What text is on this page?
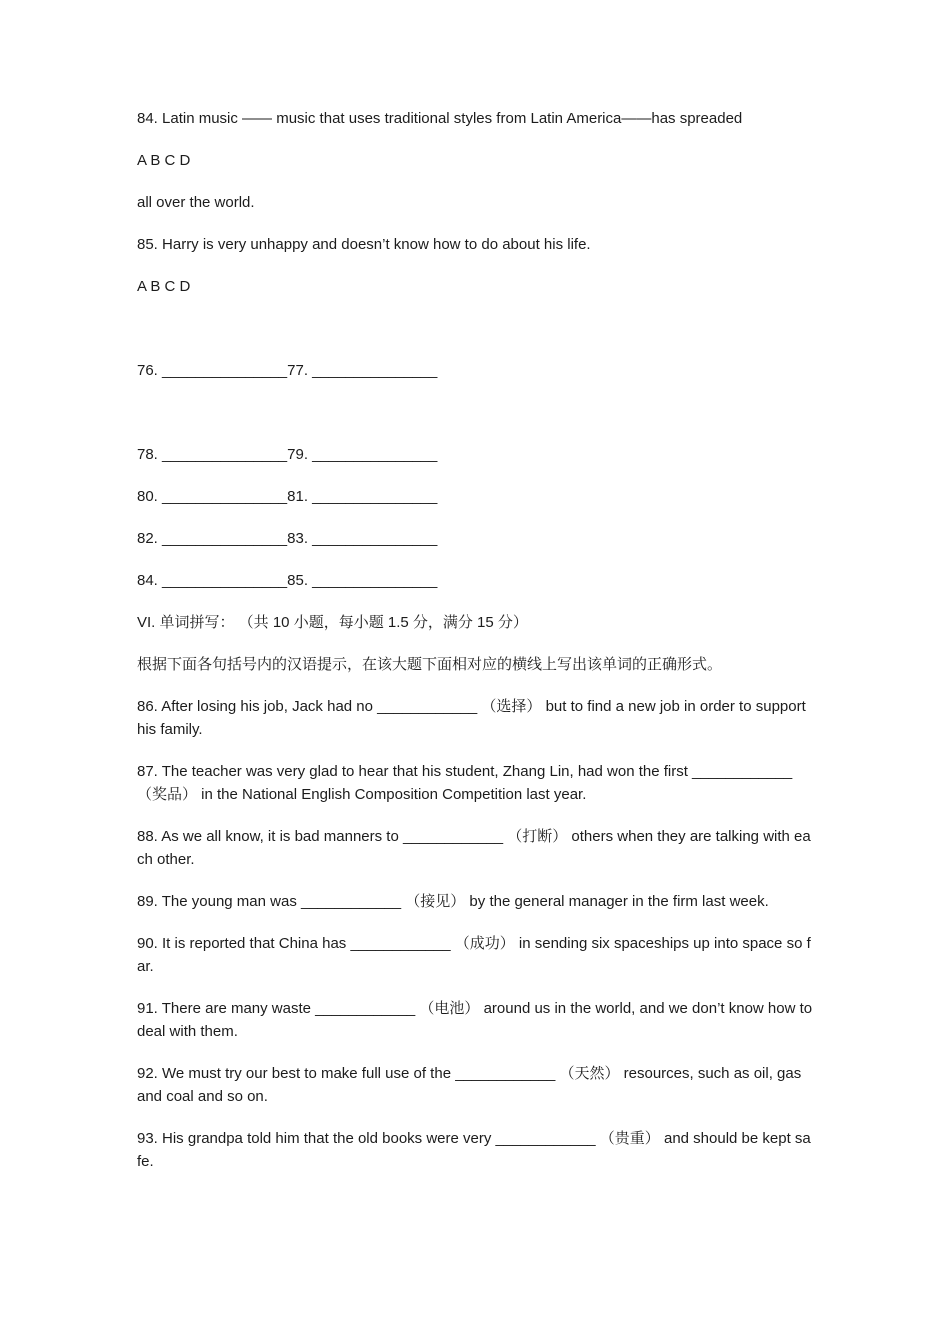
84. Latin music —— music that uses traditional styles from Latin America——has spreaded
A B C D
all over the world.
85. Harry is very unhappy and doesn’t know how to do about his life.
A B C D
76. _______________77. _______________
78. _______________79. _______________
80. _______________81. _______________
82. _______________83. _______________
84. _______________85. _______________
VI. 单词拼写： （共 10 小题，每小题 1.5 分，满分 15 分）
根据下面各句括号内的汉语提示，在该大题下面相对应的横线上写出该单词的正确形式。
86. After losing his job, Jack had no ____________ （选择） but to find a new job in order to support his family.
87. The teacher was very glad to hear that his student, Zhang Lin, had won the first ____________ （奖品） in the National English Composition Competition last year.
88. As we all know, it is bad manners to ____________ （打断） others when they are talking with each other.
89. The young man was ____________ （接见） by the general manager in the firm last week.
90. It is reported that China has ____________ （成功） in sending six spaceships up into space so far.
91. There are many waste ____________ （电池） around us in the world, and we don’t know how to deal with them.
92. We must try our best to make full use of the ____________ （天然） resources, such as oil, gas and coal and so on.
93. His grandpa told him that the old books were very ____________ （贵重） and should be kept safe.
